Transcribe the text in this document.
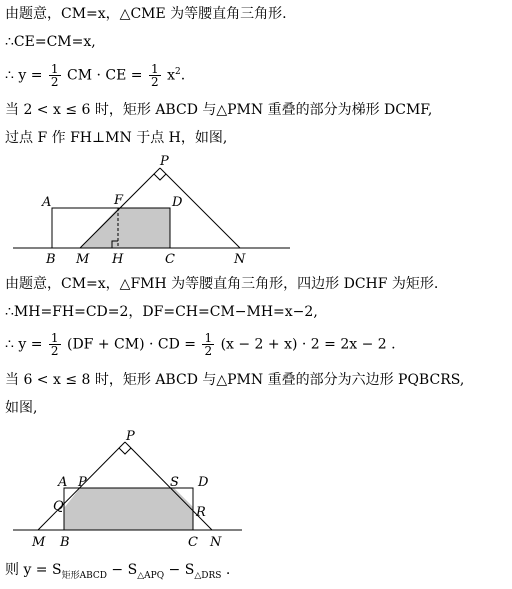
由题意，CM=x，△CME 为等腰直角三角形.
∴CE=CM=x,
∴ $y = \frac{1}{2}$ CM · CE = $\frac{1}{2} x^2$.
当 2 < x ≤ 6 时，矩形 ABCD 与△PMN 重叠的部分为梯形 DCMF,
过点 F 作 FH⊥MN 于点 H，如图,
P
A	F	D
B M H	C	N
由题意，CM=x，△FMH 为等腰直角三角形，四边形 DCHF 为矩形.
∴MH=FH=CD=2，DF=CH=CM−MH=x−2,
∴ $y = \frac{1}{2} (DF + CM)$ · CD = $\frac{1}{2} (x - 2 + x) \cdot 2 = 2x - 2$ .
当 6 < x ≤ 8 时，矩形 ABCD 与△PMN 重叠的部分为六边形 PQBCRS,
如图,
P
A P	S D
Q	R
M B	C N
则 $y = S_{矩形ABCD} - S_{\triangle APQ} - S_{\triangle DRS}$ .
